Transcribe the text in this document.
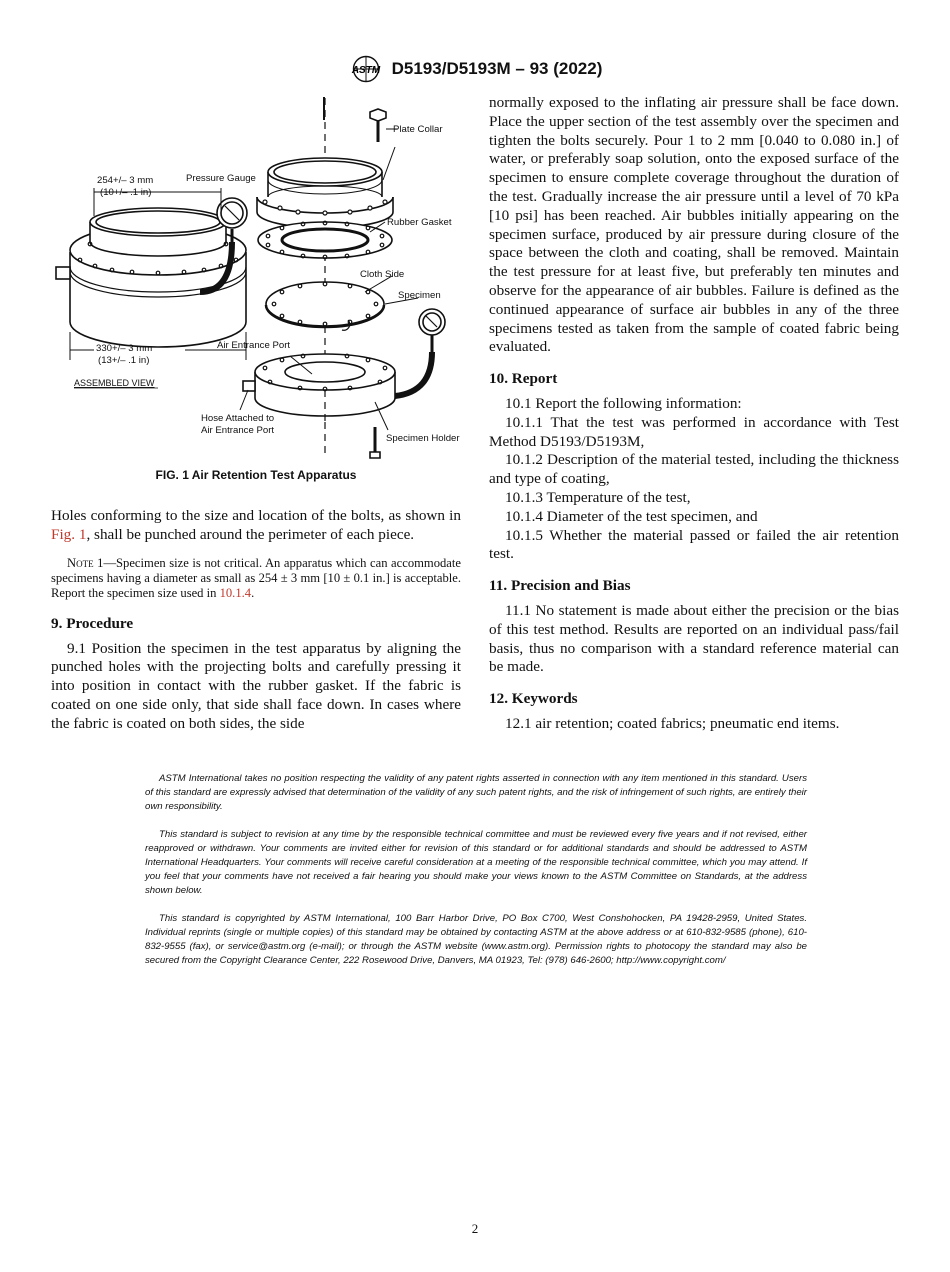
ASTM D5193/D5193M – 93 (2022)
Plate Collar
Pressure Gauge
254+/– 3 mm
(10+/– .1 in)
Rubber Gasket
Cloth Side
Specimen
Air Entrance Port
330+/– 3 mm
(13+/– .1 in)
ASSEMBLED VIEW
Hose Attached to
Air Entrance Port
Specimen Holder
FIG. 1 Air Retention Test Apparatus

Holes conforming to the size and location of the bolts, as shown in Fig. 1, shall be punched around the perimeter of each piece.

Note 1—Specimen size is not critical. An apparatus which can accommodate specimens having a diameter as small as 254 ± 3 mm [10 ± 0.1 in.] is acceptable. Report the specimen size used in 10.1.4.

9. Procedure

9.1 Position the specimen in the test apparatus by aligning the punched holes with the projecting bolts and carefully pressing it into position in contact with the rubber gasket. If the fabric is coated on one side only, that side shall face down. In cases where the fabric is coated on both sides, the side

normally exposed to the inflating air pressure shall be face down. Place the upper section of the test assembly over the specimen and tighten the bolts securely. Pour 1 to 2 mm [0.040 to 0.080 in.] of water, or preferably soap solution, onto the exposed surface of the specimen to ensure complete coverage throughout the duration of the test. Gradually increase the air pressure until a level of 70 kPa [10 psi] has been reached. Air bubbles initially appearing on the specimen surface, produced by air pressure during closure of the space between the cloth and coating, shall be removed. Maintain the test pressure for at least five, but preferably ten minutes and observe for the appearance of air bubbles. Failure is defined as the continued appearance of surface air bubbles in any of the three specimens tested as taken from the sample of coated fabric being evaluated.

10. Report

10.1 Report the following information:

10.1.1 That the test was performed in accordance with Test Method D5193/D5193M,

10.1.2 Description of the material tested, including the thickness and type of coating,

10.1.3 Temperature of the test,

10.1.4 Diameter of the test specimen, and

10.1.5 Whether the material passed or failed the air retention test.

11. Precision and Bias

11.1 No statement is made about either the precision or the bias of this test method. Results are reported on an individual pass/fail basis, thus no comparison with a standard reference material can be made.

12. Keywords

12.1 air retention; coated fabrics; pneumatic end items.

ASTM International takes no position respecting the validity of any patent rights asserted in connection with any item mentioned in this standard. Users of this standard are expressly advised that determination of the validity of any such patent rights, and the risk of infringement of such rights, are entirely their own responsibility.

This standard is subject to revision at any time by the responsible technical committee and must be reviewed every five years and if not revised, either reapproved or withdrawn. Your comments are invited either for revision of this standard or for additional standards and should be addressed to ASTM International Headquarters. Your comments will receive careful consideration at a meeting of the responsible technical committee, which you may attend. If you feel that your comments have not received a fair hearing you should make your views known to the ASTM Committee on Standards, at the address shown below.

This standard is copyrighted by ASTM International, 100 Barr Harbor Drive, PO Box C700, West Conshohocken, PA 19428-2959, United States. Individual reprints (single or multiple copies) of this standard may be obtained by contacting ASTM at the above address or at 610-832-9585 (phone), 610-832-9555 (fax), or service@astm.org (e-mail); or through the ASTM website (www.astm.org). Permission rights to photocopy the standard may also be secured from the Copyright Clearance Center, 222 Rosewood Drive, Danvers, MA 01923, Tel: (978) 646-2600; http://www.copyright.com/

2
